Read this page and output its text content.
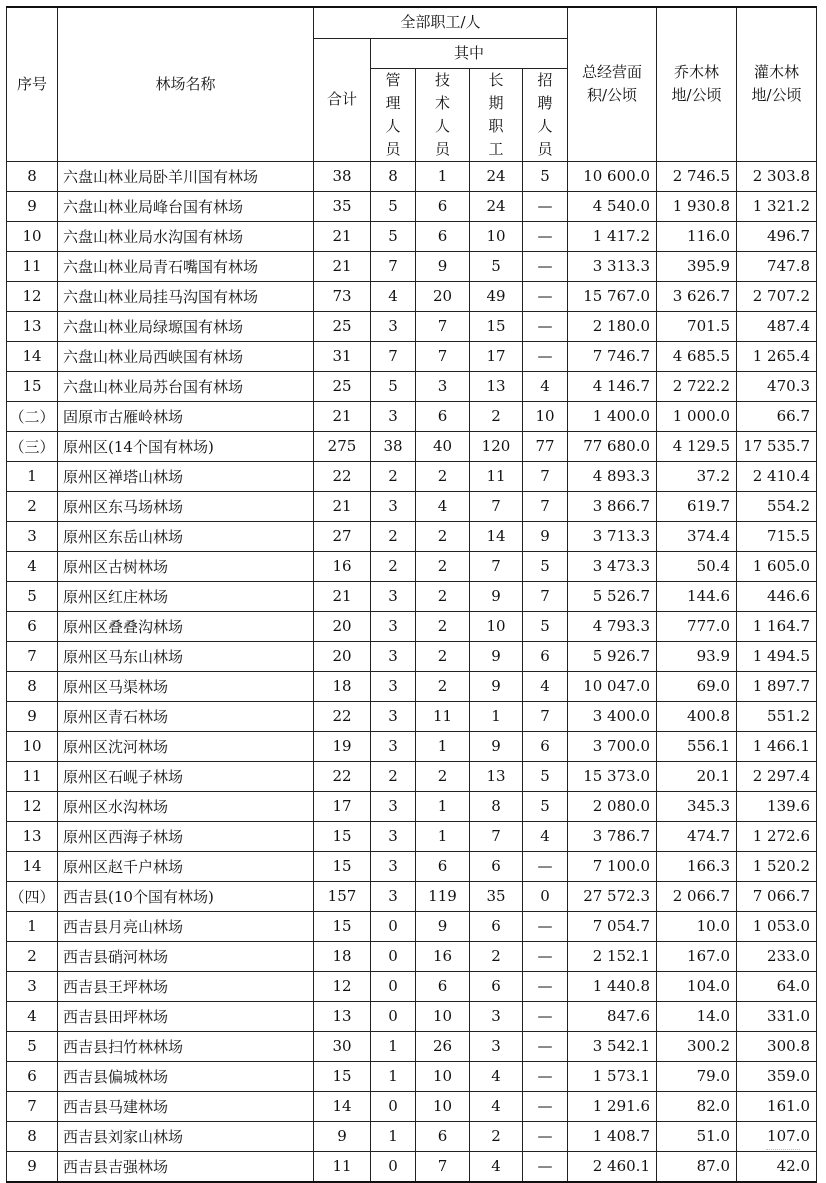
序号	林场名称	全部职工/人					总经营面积/公顷	乔木林地/公顷	灌木林地/公顷
		合计	其中						
			管理人员	技术人员	长期职工	招聘人员			
8	六盘山林业局卧羊川国有林场	38	8	1	24	5	10 600.0	2 746.5	2 303.8
9	六盘山林业局峰台国有林场	35	5	6	24	—	4 540.0	1 930.8	1 321.2
10	六盘山林业局水沟国有林场	21	5	6	10	—	1 417.2	116.0	496.7
11	六盘山林业局青石嘴国有林场	21	7	9	5	—	3 313.3	395.9	747.8
12	六盘山林业局挂马沟国有林场	73	4	20	49	—	15 767.0	3 626.7	2 707.2
13	六盘山林业局绿塬国有林场	25	3	7	15	—	2 180.0	701.5	487.4
14	六盘山林业局西峡国有林场	31	7	7	17	—	7 746.7	4 685.5	1 265.4
15	六盘山林业局苏台国有林场	25	5	3	13	4	4 146.7	2 722.2	470.3
（二）	固原市古雁岭林场	21	3	6	2	10	1 400.0	1 000.0	66.7
（三）	原州区(14个国有林场)	275	38	40	120	77	77 680.0	4 129.5	17 535.7
1	原州区禅塔山林场	22	2	2	11	7	4 893.3	37.2	2 410.4
2	原州区东马场林场	21	3	4	7	7	3 866.7	619.7	554.2
3	原州区东岳山林场	27	2	2	14	9	3 713.3	374.4	715.5
4	原州区古树林场	16	2	2	7	5	3 473.3	50.4	1 605.0
5	原州区红庄林场	21	3	2	9	7	5 526.7	144.6	446.6
6	原州区叠叠沟林场	20	3	2	10	5	4 793.3	777.0	1 164.7
7	原州区马东山林场	20	3	2	9	6	5 926.7	93.9	1 494.5
8	原州区马渠林场	18	3	2	9	4	10 047.0	69.0	1 897.7
9	原州区青石林场	22	3	11	1	7	3 400.0	400.8	551.2
10	原州区沈河林场	19	3	1	9	6	3 700.0	556.1	1 466.1
11	原州区石岘子林场	22	2	2	13	5	15 373.0	20.1	2 297.4
12	原州区水沟林场	17	3	1	8	5	2 080.0	345.3	139.6
13	原州区西海子林场	15	3	1	7	4	3 786.7	474.7	1 272.6
14	原州区赵千户林场	15	3	6	6	—	7 100.0	166.3	1 520.2
（四）	西吉县(10个国有林场)	157	3	119	35	0	27 572.3	2 066.7	7 066.7
1	西吉县月亮山林场	15	0	9	6	—	7 054.7	10.0	1 053.0
2	西吉县硝河林场	18	0	16	2	—	2 152.1	167.0	233.0
3	西吉县王坪林场	12	0	6	6	—	1 440.8	104.0	64.0
4	西吉县田坪林场	13	0	10	3	—	847.6	14.0	331.0
5	西吉县扫竹林林场	30	1	26	3	—	3 542.1	300.2	300.8
6	西吉县偏城林场	15	1	10	4	—	1 573.1	79.0	359.0
7	西吉县马建林场	14	0	10	4	—	1 291.6	82.0	161.0
8	西吉县刘家山林场	9	1	6	2	—	1 408.7	51.0	107.0
9	西吉县吉强林场	11	0	7	4	—	2 460.1	87.0	42.0
